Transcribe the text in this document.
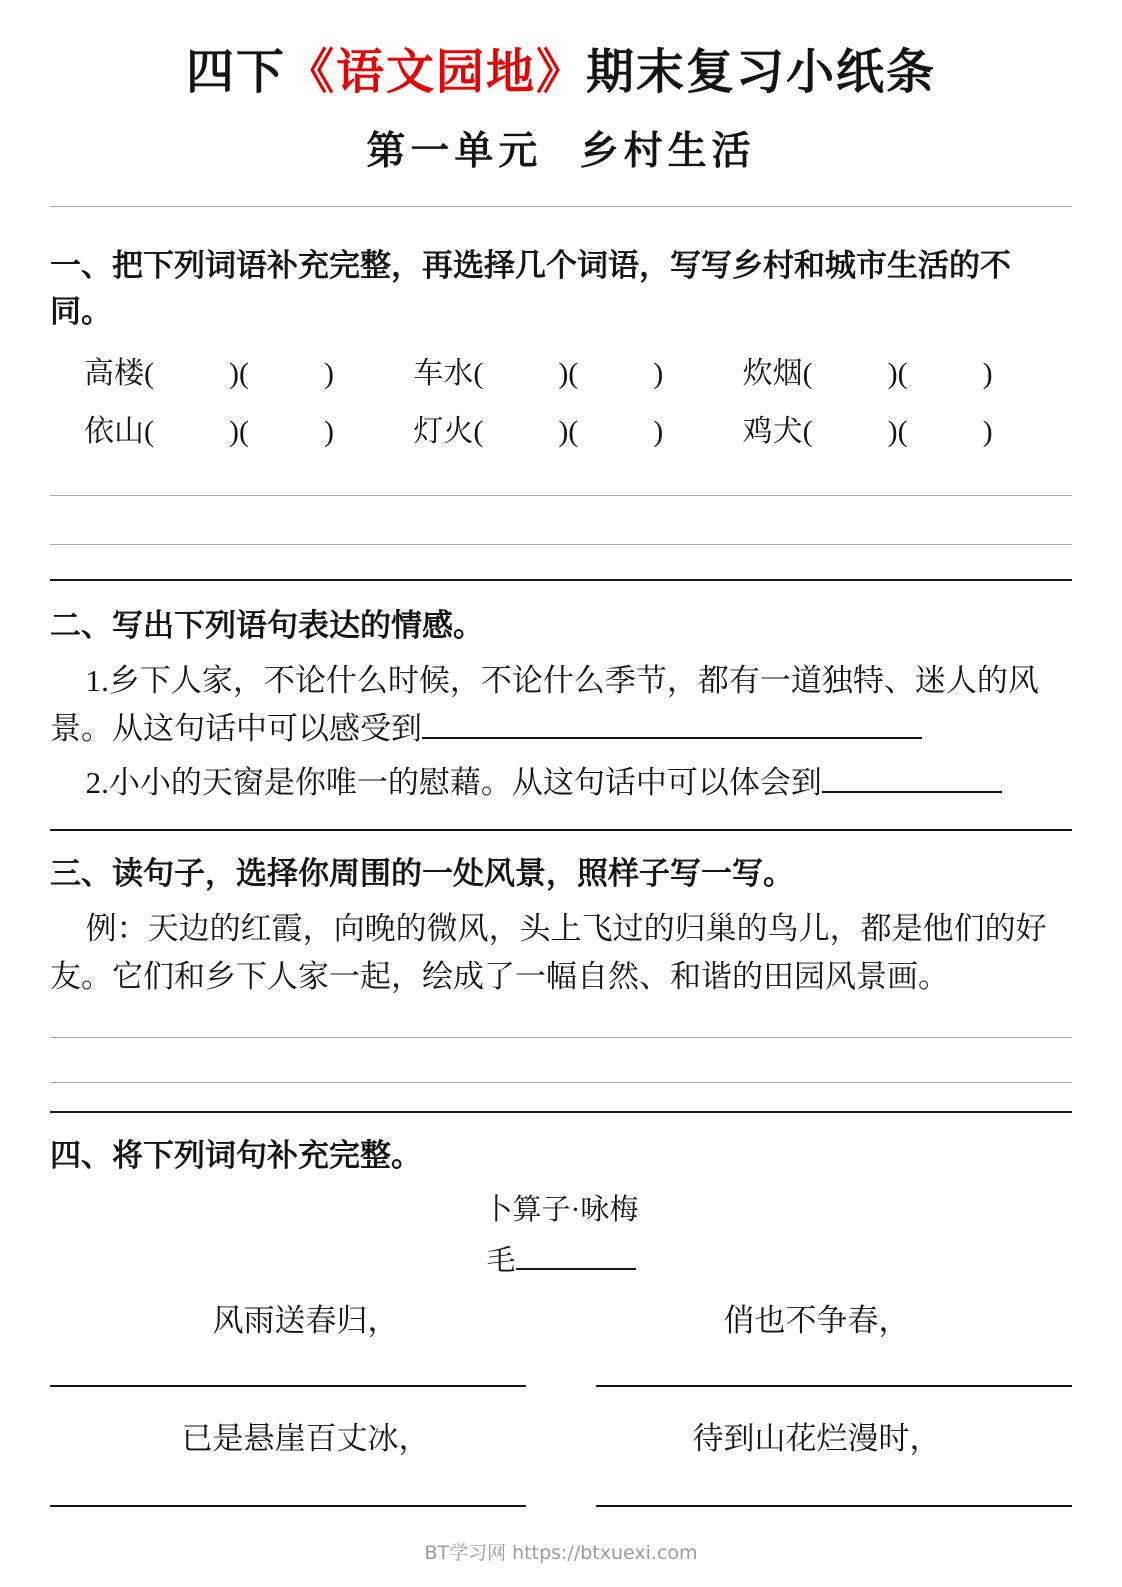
四下《语文园地》期末复习小纸条
第一单元  乡村生活

一、把下列词语补充完整，再选择几个词语，写写乡村和城市生活的不同。

高楼(          )(          )	车水(          )(          )	炊烟(          )(          )
依山(          )(          )	灯火(          )(          )	鸡犬(          )(          )

二、写出下列语句表达的情感。

1.乡下人家，不论什么时候，不论什么季节，都有一道独特、迷人的风景。从这句话中可以感受到

2.小小的天窗是你唯一的慰藉。从这句话中可以体会到

三、读句子，选择你周围的一处风景，照样子写一写。

例：天边的红霞，向晚的微风，头上飞过的归巢的鸟儿，都是他们的好友。它们和乡下人家一起，绘成了一幅自然、和谐的田园风景画。

四、将下列词句补充完整。

卜算子·咏梅

毛

风雨送春归，	俏也不争春，
已是悬崖百丈冰，	待到山花烂漫时，
BT学习网 https://btxuexi.com
